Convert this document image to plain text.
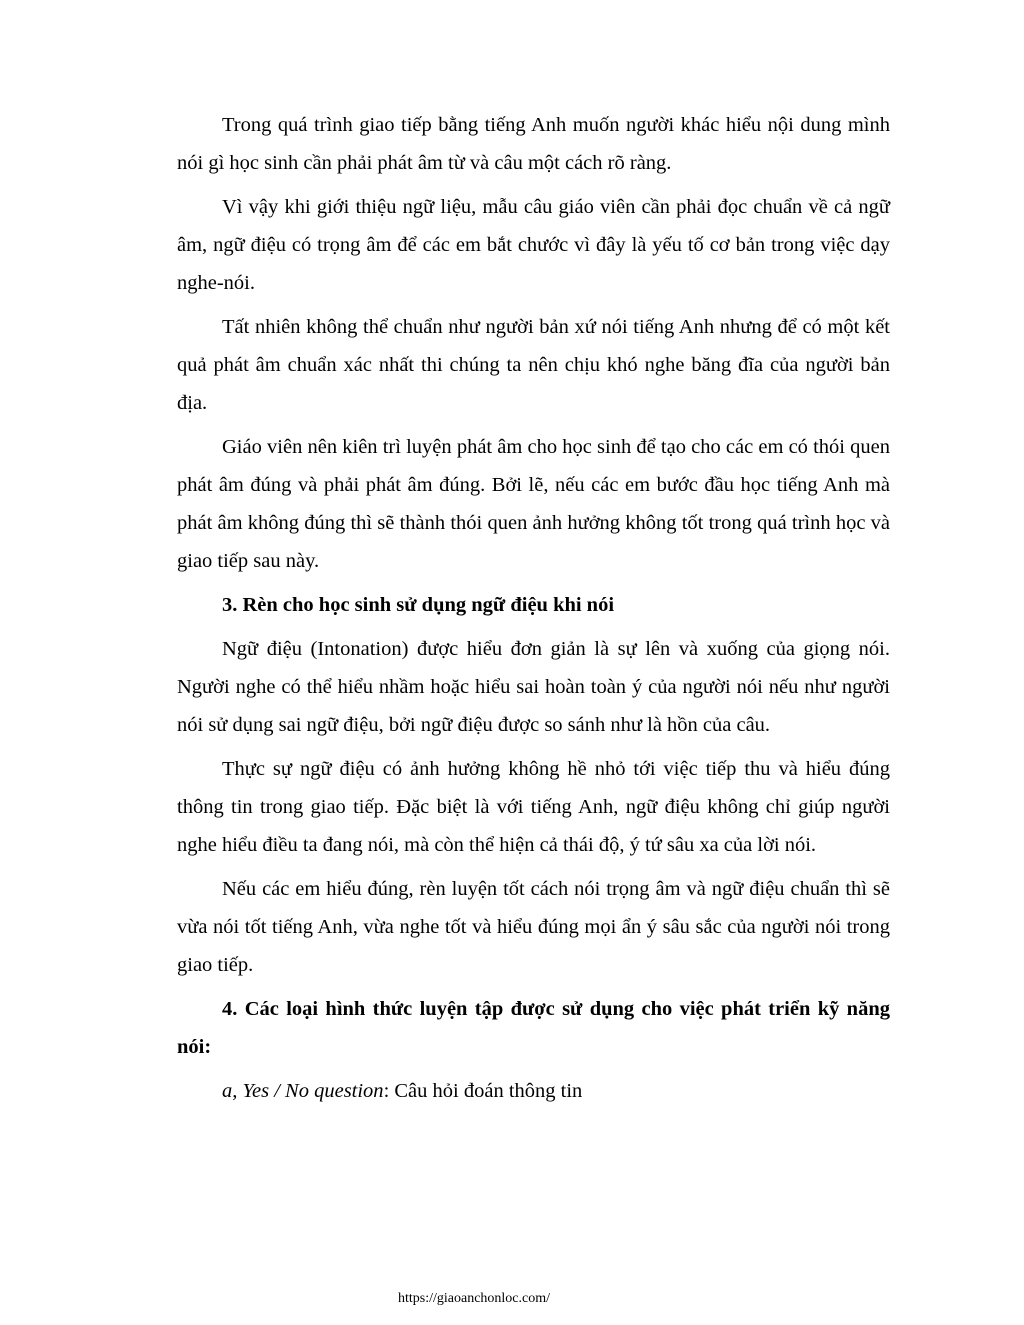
Trong quá trình giao tiếp bằng tiếng Anh muốn người khác hiểu nội dung mình nói gì học sinh cần phải phát âm từ và câu một cách rõ ràng.

Vì vậy khi giới thiệu ngữ liệu, mẫu câu giáo viên cần phải đọc chuẩn về cả ngữ âm, ngữ điệu có trọng âm để các em bắt chước vì đây là yếu tố cơ bản trong việc dạy nghe-nói.

Tất nhiên không thể chuẩn như người bản xứ nói tiếng Anh nhưng để có một kết quả phát âm chuẩn xác nhất thi chúng ta nên chịu khó nghe băng đĩa của người bản địa.

Giáo viên nên kiên trì luyện phát âm cho học sinh để tạo cho các em có thói quen phát âm đúng và phải phát âm đúng. Bởi lẽ, nếu các em bước đầu học tiếng Anh mà phát âm không đúng thì sẽ thành thói quen ảnh hưởng không tốt trong quá trình học và giao tiếp sau này.

3. Rèn cho học sinh sử dụng ngữ điệu khi nói

Ngữ điệu (Intonation) được hiểu đơn giản là sự lên và xuống của giọng nói. Người nghe có thể hiểu nhầm hoặc hiểu sai hoàn toàn ý của người nói nếu như người nói sử dụng sai ngữ điệu, bởi ngữ điệu được so sánh như là hồn của câu.

Thực sự ngữ điệu có ảnh hưởng không hề nhỏ tới việc tiếp thu và hiểu đúng thông tin trong giao tiếp. Đặc biệt là với tiếng Anh, ngữ điệu không chỉ giúp người nghe hiểu điều ta đang nói, mà còn thể hiện cả thái độ, ý tứ sâu xa của lời nói.

Nếu các em hiểu đúng, rèn luyện tốt cách nói trọng âm và ngữ điệu chuẩn thì sẽ vừa nói tốt tiếng Anh, vừa nghe tốt và hiểu đúng mọi ẩn ý sâu sắc của người nói trong giao tiếp.

4. Các loại hình thức luyện tập được sử dụng cho việc phát triển kỹ năng nói:

a, Yes / No question: Câu hỏi đoán thông tin

https://giaoanchonloc.com/
